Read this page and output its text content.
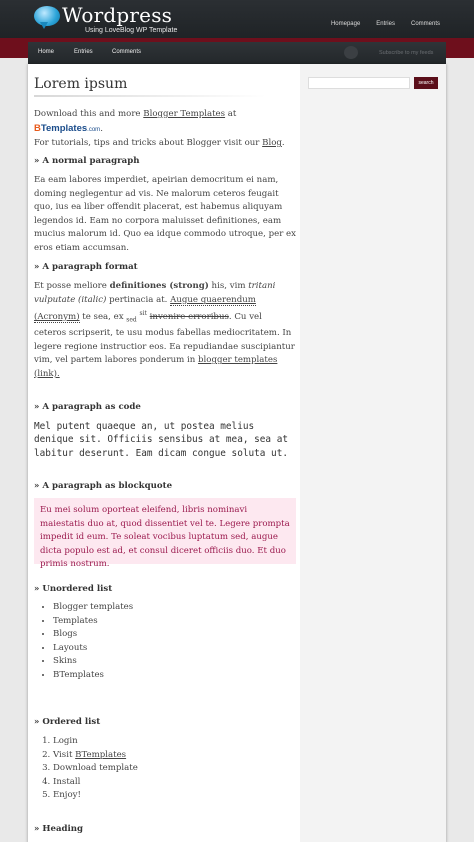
Wordpress
Using LoveBlog WP Template
Homepage	Entries	Comments
Home	Entries	Comments	Subscribe to my feeds
search
Lorem ipsum
Download this and more Blogger Templates at BTemplates.com.
For tutorials, tips and tricks about Blogger visit our Blog.
» A normal paragraph
Ea eam labores imperdiet, apeirian democritum ei nam, doming neglegentur ad vis. Ne malorum ceteros feugait quo, ius ea liber offendit placerat, est habemus aliquyam legendos id. Eam no corpora maluisset definitiones, eam mucius malorum id. Quo ea idque commodo utroque, per ex eros etiam accumsan.
» A paragraph format
Et posse meliore definitiones (strong) his, vim tritani vulputate (italic) pertinacia at. Augue quaerendum (Acronym) te sea, ex $_{sed}$ $^{sit}$ invenire erroribus. Cu vel ceteros scripserit, te usu modus fabellas mediocritatem. In legere regione instructior eos. Ea repudiandae suscipiantur vim, vel partem labores ponderum in blogger templates (link).
» A paragraph as code
Mel putent quaeque an, ut postea melius
denique sit. Officiis sensibus at mea, sea at
labitur deserunt. Eam dicam congue soluta ut.
» A paragraph as blockquote
Eu mei solum oporteat eleifend, libris nominavi maiestatis duo at, quod dissentiet vel te. Legere prompta impedit id eum. Te soleat vocibus luptatum sed, augue dicta populo est ad, et consul diceret officiis duo. Et duo primis nostrum.
» Unordered list
• Blogger templates
• Templates
• Blogs
• Layouts
• Skins
• BTemplates
» Ordered list
1. Login
2. Visit BTemplates
3. Download template
4. Install
5. Enjoy!
» Heading
